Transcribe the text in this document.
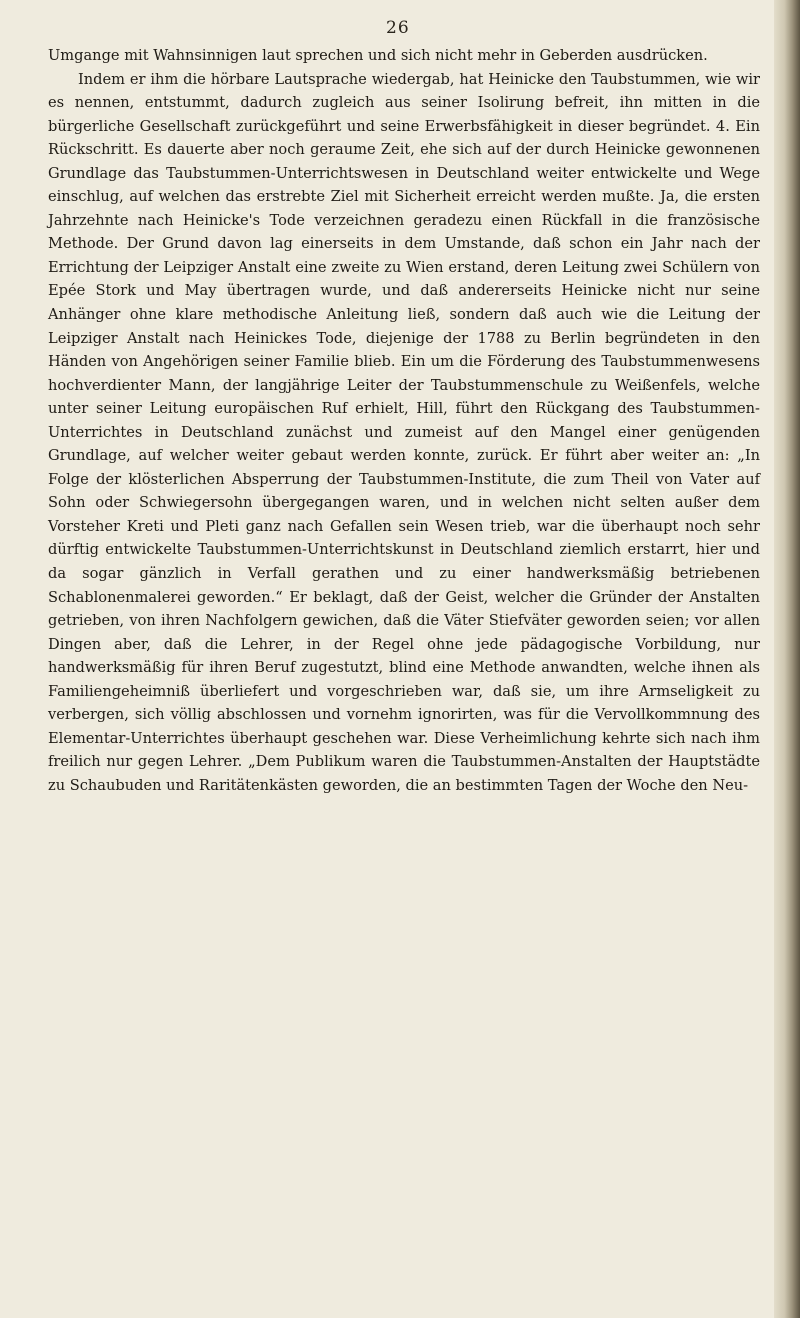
26

Umgange mit Wahnsinnigen laut sprechen und sich nicht mehr in Geberden ausdrücken.

Indem er ihm die hörbare Lautsprache wiedergab, hat Heinicke den Taubstummen, wie wir es nennen, entstummt, dadurch zugleich aus seiner Isolirung befreit, ihn mitten in die bürgerliche Gesellschaft zurückgeführt und seine Erwerbsfähigkeit in dieser begründet. 4. Ein Rückschritt. Es dauerte aber noch geraume Zeit, ehe sich auf der durch Heinicke gewonnenen Grundlage das Taubstummen-Unterrichtswesen in Deutschland weiter entwickelte und Wege einschlug, auf welchen das erstrebte Ziel mit Sicherheit erreicht werden mußte. Ja, die ersten Jahrzehnte nach Heinicke's Tode verzeichnen geradezu einen Rückfall in die französische Methode. Der Grund davon lag einerseits in dem Umstande, daß schon ein Jahr nach der Errichtung der Leipziger Anstalt eine zweite zu Wien erstand, deren Leitung zwei Schülern von Epée Stork und May übertragen wurde, und daß andererseits Heinicke nicht nur seine Anhänger ohne klare methodische Anleitung ließ, sondern daß auch wie die Leitung der Leipziger Anstalt nach Heinickes Tode, diejenige der 1788 zu Berlin begründeten in den Händen von Angehörigen seiner Familie blieb. Ein um die Förderung des Taubstummenwesens hochverdienter Mann, der langjährige Leiter der Taubstummenschule zu Weißenfels, welche unter seiner Leitung europäischen Ruf erhielt, Hill, führt den Rückgang des Taubstummen-Unterrichtes in Deutschland zunächst und zumeist auf den Mangel einer genügenden Grundlage, auf welcher weiter gebaut werden konnte, zurück. Er führt aber weiter an: „In Folge der klösterlichen Absperrung der Taubstummen-Institute, die zum Theil von Vater auf Sohn oder Schwiegersohn übergegangen waren, und in welchen nicht selten außer dem Vorsteher Kreti und Pleti ganz nach Gefallen sein Wesen trieb, war die überhaupt noch sehr dürftig entwickelte Taubstummen-Unterrichtskunst in Deutschland ziemlich erstarrt, hier und da sogar gänzlich in Verfall gerathen und zu einer handwerksmäßig betriebenen Schablonenmalerei geworden.“ Er beklagt, daß der Geist, welcher die Gründer der Anstalten getrieben, von ihren Nachfolgern gewichen, daß die Väter Stiefväter geworden seien; vor allen Dingen aber, daß die Lehrer, in der Regel ohne jede pädagogische Vorbildung, nur handwerksmäßig für ihren Beruf zugestutzt, blind eine Methode anwandten, welche ihnen als Familiengeheimniß überliefert und vorgeschrieben war, daß sie, um ihre Armseligkeit zu verbergen, sich völlig abschlossen und vornehm ignorirten, was für die Vervollkommnung des Elementar-Unterrichtes überhaupt geschehen war. Diese Verheimlichung kehrte sich nach ihm freilich nur gegen Lehrer. „Dem Publikum waren die Taubstummen-Anstalten der Hauptstädte zu Schaubuden und Raritätenkästen geworden, die an bestimmten Tagen der Woche den Neu-
